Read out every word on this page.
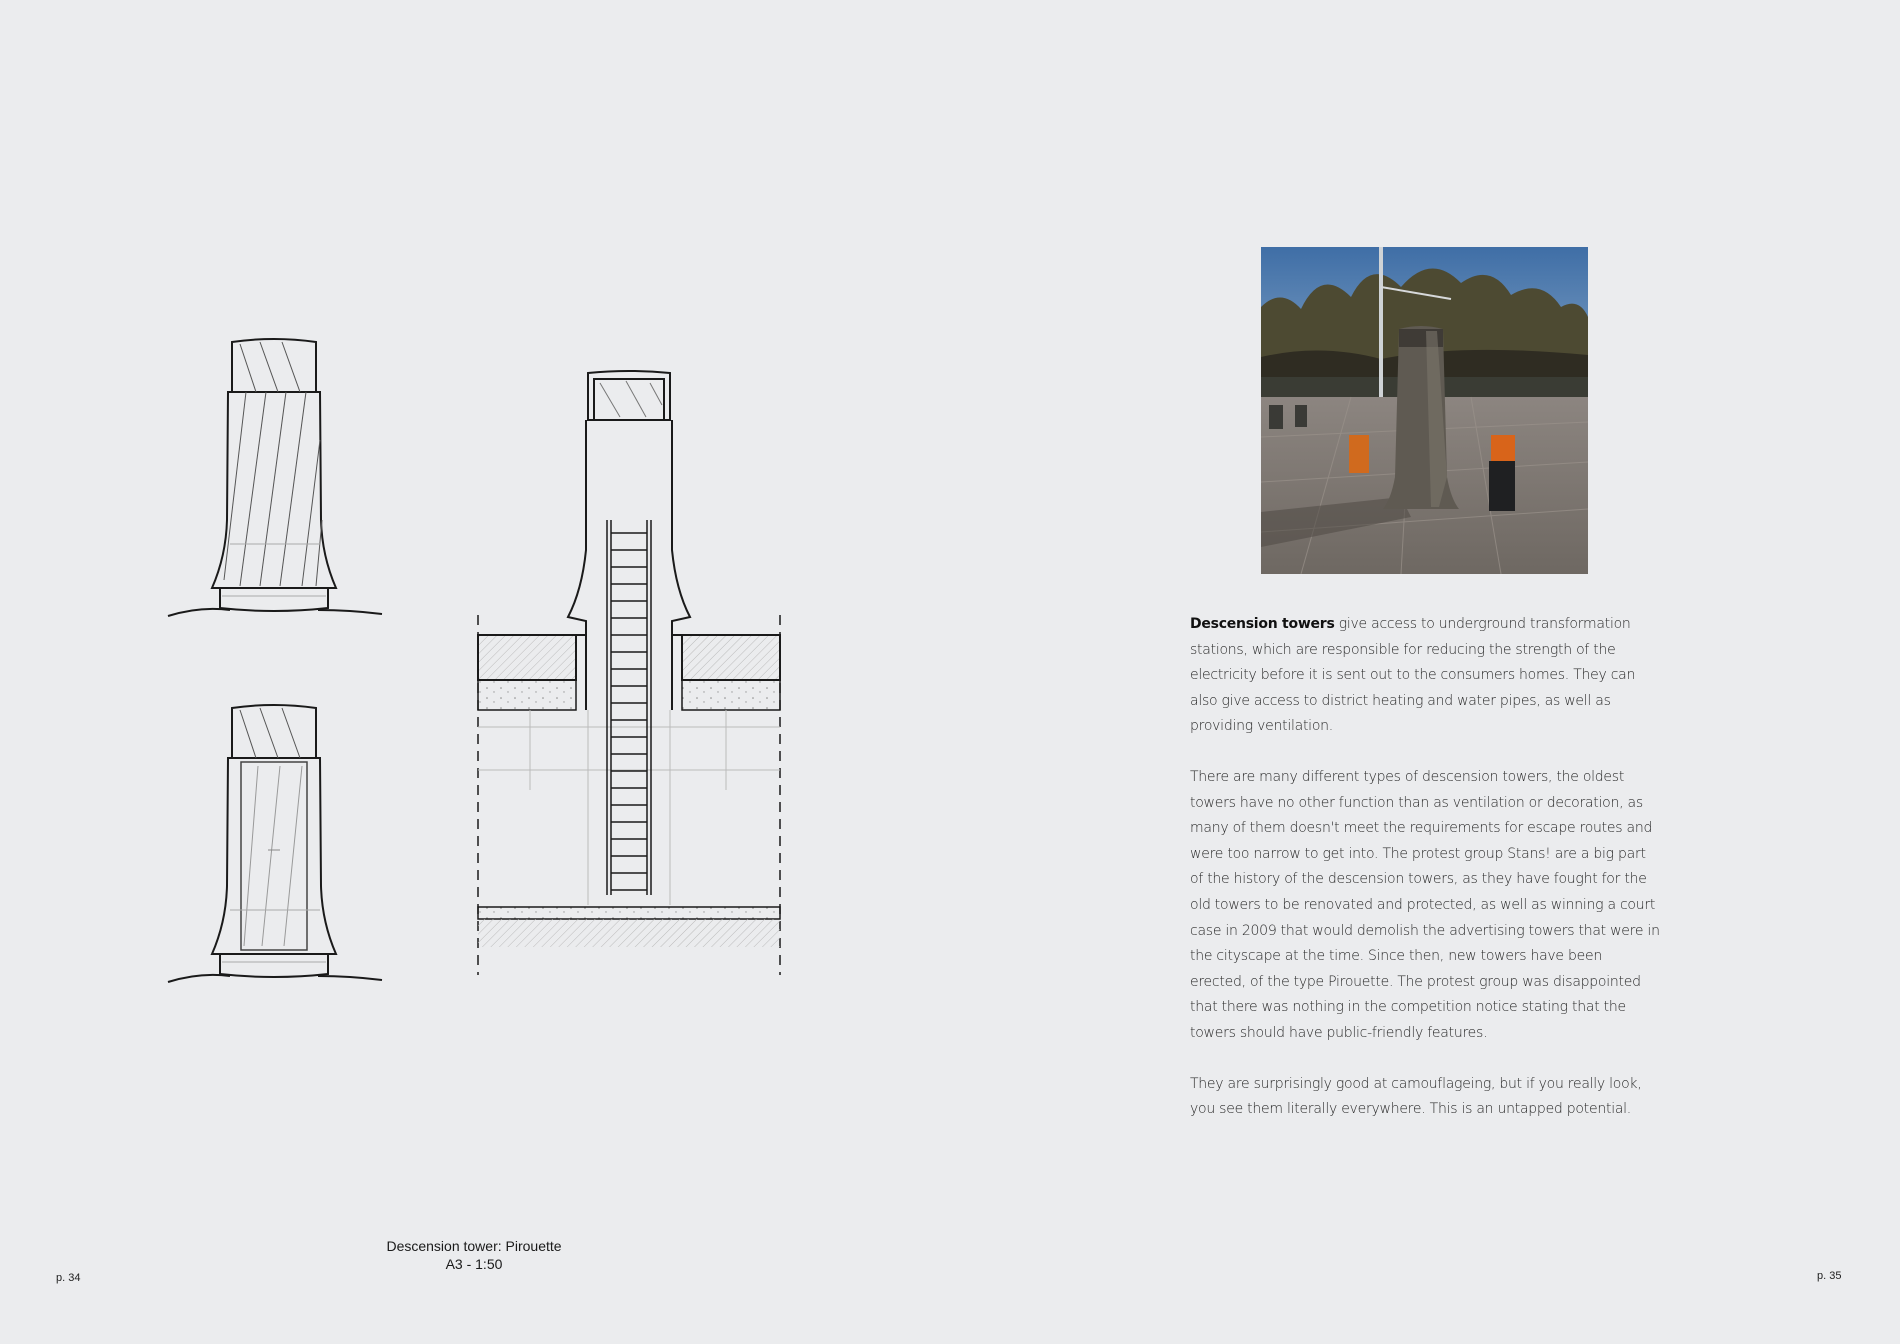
Descension towers give access to underground transformation stations, which are responsible for reducing the strength of the electricity before it is sent out to the consumers homes. They can also give access to district heating and water pipes, as well as providing ventilation.

There are many different types of descension towers, the oldest towers have no other function than as ventilation or decoration, as many of them doesn't meet the requirements for escape routes and were too narrow to get into. The protest group Stans! are a big part of the history of the descension towers, as they have fought for the old towers to be renovated and protected, as well as winning a court case in 2009 that would demolish the advertising towers that were in the cityscape at the time. Since then, new towers have been erected, of the type Pirouette. The protest group was disappointed that there was nothing in the competition notice stating that the towers should have public-friendly features.

They are surprisingly good at camouflageing, but if you really look, you see them literally everywhere. This is an untapped potential.

Descension tower: Pirouette
A3 - 1:50
p. 34	p. 35
